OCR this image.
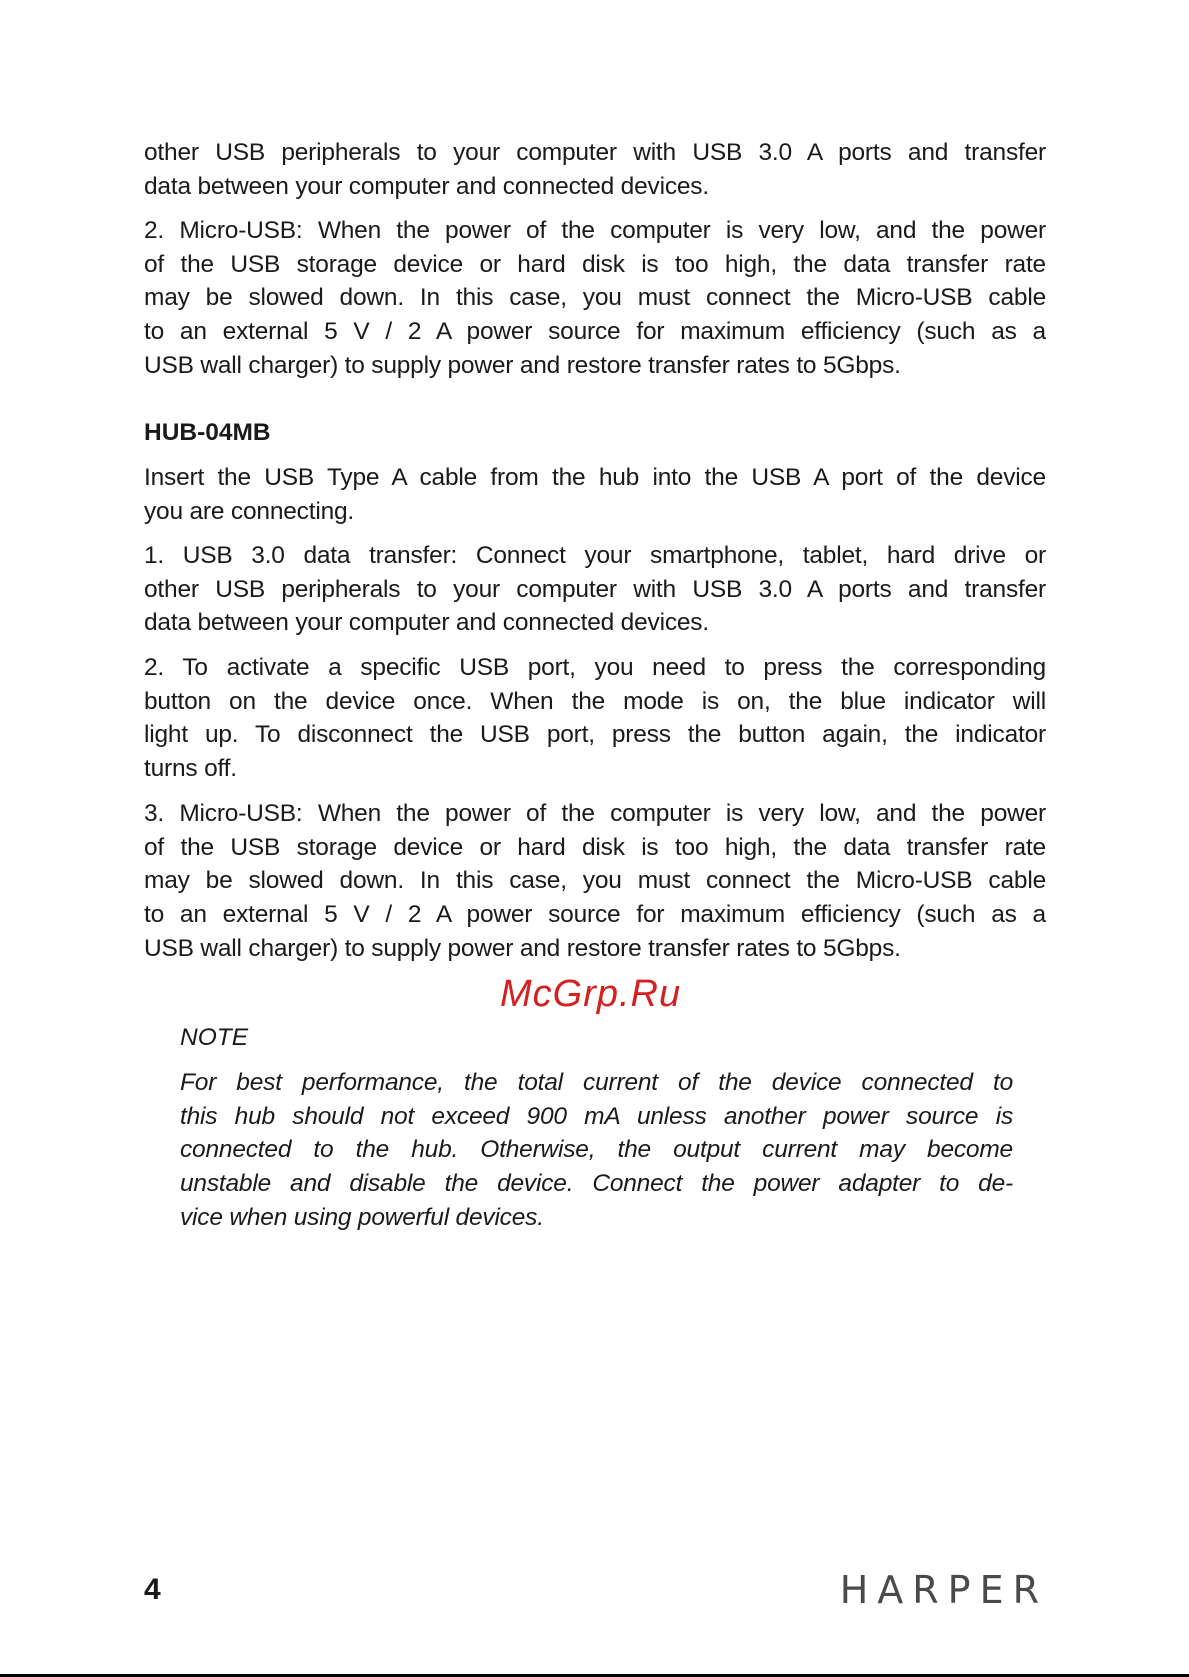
other USB peripherals to your computer with USB 3.0 A ports and transfer
data between your computer and connected devices.
2. Micro-USB: When the power of the computer is very low, and the power
of the USB storage device or hard disk is too high, the data transfer rate
may be slowed down. In this case, you must connect the Micro-USB cable
to an external 5 V / 2 A power source for maximum efficiency (such as a
USB wall charger) to supply power and restore transfer rates to 5Gbps.
HUB-04MB
Insert the USB Type A cable from the hub into the USB A port of the device
you are connecting.
1. USB 3.0 data transfer: Connect your smartphone, tablet, hard drive or
other USB peripherals to your computer with USB 3.0 A ports and transfer
data between your computer and connected devices.
2. To activate a specific USB port, you need to press the corresponding
button on the device once. When the mode is on, the blue indicator will
light up. To disconnect the USB port, press the button again, the indicator
turns off.
3. Micro-USB: When the power of the computer is very low, and the power
of the USB storage device or hard disk is too high, the data transfer rate
may be slowed down. In this case, you must connect the Micro-USB cable
to an external 5 V / 2 A power source for maximum efficiency (such as a
USB wall charger) to supply power and restore transfer rates to 5Gbps.
McGrp.Ru
NOTE
For best performance, the total current of the device connected to
this hub should not exceed 900 mA unless another power source is
connected to the hub. Otherwise, the output current may become
unstable and disable the device. Connect the power adapter to de-
vice when using powerful devices.
4	HARPER
